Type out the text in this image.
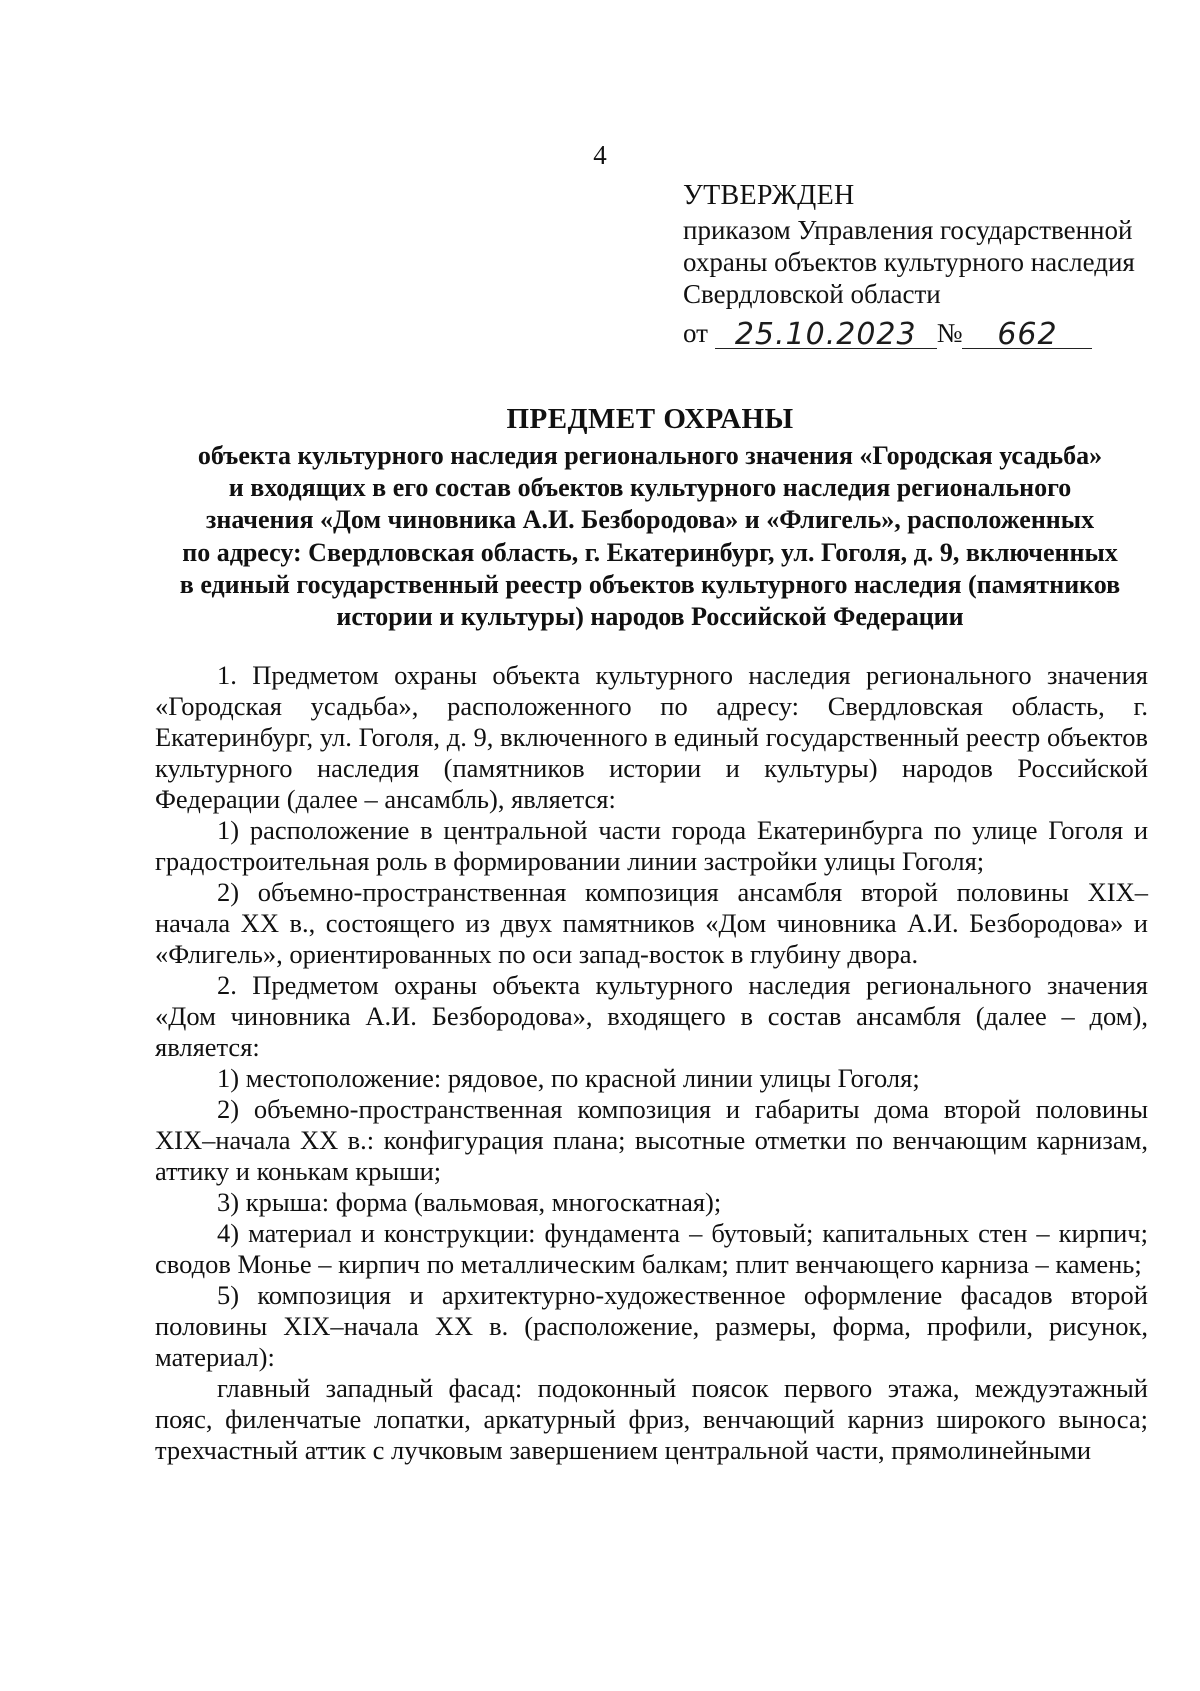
4
УТВЕРЖДЕН
приказом Управления государственной
охраны объектов культурного наследия
Свердловской области
от 25.10.2023 № 662
ПРЕДМЕТ ОХРАНЫ
объекта культурного наследия регионального значения «Городская усадьба»
и входящих в его состав объектов культурного наследия регионального
значения «Дом чиновника А.И. Безбородова» и «Флигель», расположенных
по адресу: Свердловская область, г. Екатеринбург, ул. Гоголя, д. 9, включенных
в единый государственный реестр объектов культурного наследия (памятников
истории и культуры) народов Российской Федерации

1. Предметом охраны объекта культурного наследия регионального значения «Городская усадьба», расположенного по адресу: Свердловская область, г. Екатеринбург, ул. Гоголя, д. 9, включенного в единый государственный реестр объектов культурного наследия (памятников истории и культуры) народов Российской Федерации (далее – ансамбль), является:

1) расположение в центральной части города Екатеринбурга по улице Гоголя и градостроительная роль в формировании линии застройки улицы Гоголя;

2) объемно-пространственная композиция ансамбля второй половины XIX–начала XX в., состоящего из двух памятников «Дом чиновника А.И. Безбородова» и «Флигель», ориентированных по оси запад-восток в глубину двора.

2. Предметом охраны объекта культурного наследия регионального значения «Дом чиновника А.И. Безбородова», входящего в состав ансамбля (далее – дом), является:

1) местоположение: рядовое, по красной линии улицы Гоголя;

2) объемно-пространственная композиция и габариты дома второй половины XIX–начала XX в.: конфигурация плана; высотные отметки по венчающим карнизам, аттику и конькам крыши;

3) крыша: форма (вальмовая, многоскатная);

4) материал и конструкции: фундамента – бутовый; капитальных стен – кирпич; сводов Монье – кирпич по металлическим балкам; плит венчающего карниза – камень;

5) композиция и архитектурно-художественное оформление фасадов второй половины XIX–начала XX в. (расположение, размеры, форма, профили, рисунок, материал):

главный западный фасад: подоконный поясок первого этажа, междуэтажный пояс, филенчатые лопатки, аркатурный фриз, венчающий карниз широкого выноса; трехчастный аттик с лучковым завершением центральной части, прямолинейными
